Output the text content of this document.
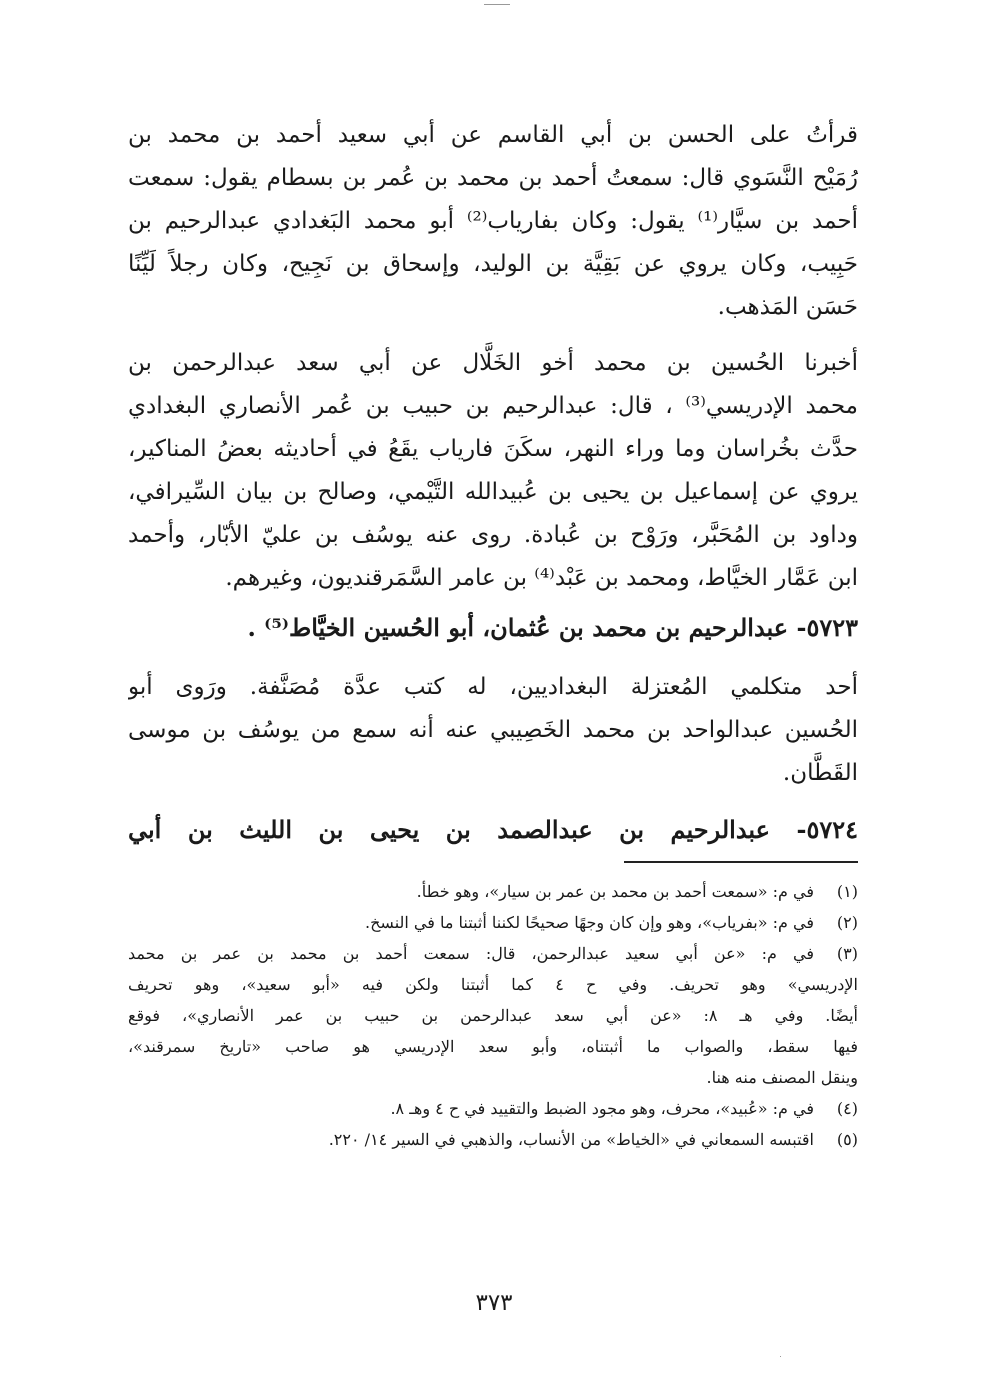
قرأتُ على الحسن بن أبي القاسم عن أبي سعيد أحمد بن محمد بن
رُمَيْح النَّسَوي قال: سمعتُ أحمد بن محمد بن عُمر بن بسطام يقول: سمعت
أحمد بن سيَّار⁽¹⁾ يقول: وكان بفارياب⁽²⁾ أبو محمد البَغدادي عبدالرحيم بن
حَبِيب، وكان يروي عن بَقِيَّة بن الوليد، وإسحاق بن نَجِيح، وكان رجلاً لَيِّنًا
حَسَن المَذهب.
أخبرنا الحُسين بن محمد أخو الخَلَّال عن أبي سعد عبدالرحمن بن
محمد الإدريسي⁽³⁾ ، قال: عبدالرحيم بن حبيب بن عُمر الأنصاري البغدادي
حدَّث بخُراسان وما وراء النهر، سكَنَ فارياب يقَعُ في أحاديثه بعضُ المناكير،
يروي عن إسماعيل بن يحيى بن عُبيدالله التَّيْمي، وصالح بن بيان السِّيرافي،
وداود بن المُحَبَّر، ورَوْح بن عُبادة. روى عنه يوسُف بن عليّ الأبّار، وأحمد
ابن عَمَّار الخيَّاط، ومحمد بن عَبْد⁽⁴⁾ بن عامر السَّمَرقنديون، وغيرهم.
٥٧٢٣- عبدالرحيم بن محمد بن عُثمان، أبو الحُسين الخيَّاط⁽⁵⁾ .
أحد متكلمي المُعتزلة البغداديين، له كتب عدَّة مُصَنَّفة. ورَوى أبو
الحُسين عبدالواحد بن محمد الخَصِيبي عنه أنه سمع من يوسُف بن موسى
القَطَّان.
٥٧٢٤- عبدالرحيم بن عبدالصمد بن يحيى بن الليث بن أبي
(١)
في م: «سمعت أحمد بن محمد بن عمر بن سيار»، وهو خطأ.
(٢)
في م: «بفرياب»، وهو وإن كان وجهًا صحيحًا لكننا أثبتنا ما في النسخ.
(٣)
في م: «عن أبي سعيد عبدالرحمن، قال: سمعت أحمد بن محمد بن عمر بن محمد
الإدريسي» وهو تحريف. وفي ح ٤ كما أثبتنا ولكن فيه «أبو سعيد»، وهو تحريف
أيضًا. وفي هـ ٨: «عن أبي سعد عبدالرحمن بن حبيب بن عمر الأنصاري»، فوقع
فيها سقط، والصواب ما أثبتناه، وأبو سعد الإدريسي هو صاحب «تاريخ سمرقند»،
وينقل المصنف منه هنا.
(٤)
في م: «عُبيد»، محرف، وهو مجود الضبط والتقييد في ح ٤ وهـ ٨.
(٥)
اقتبسه السمعاني في «الخياط» من الأنساب، والذهبي في السير ١٤/ ٢٢٠.
٣٧٣
